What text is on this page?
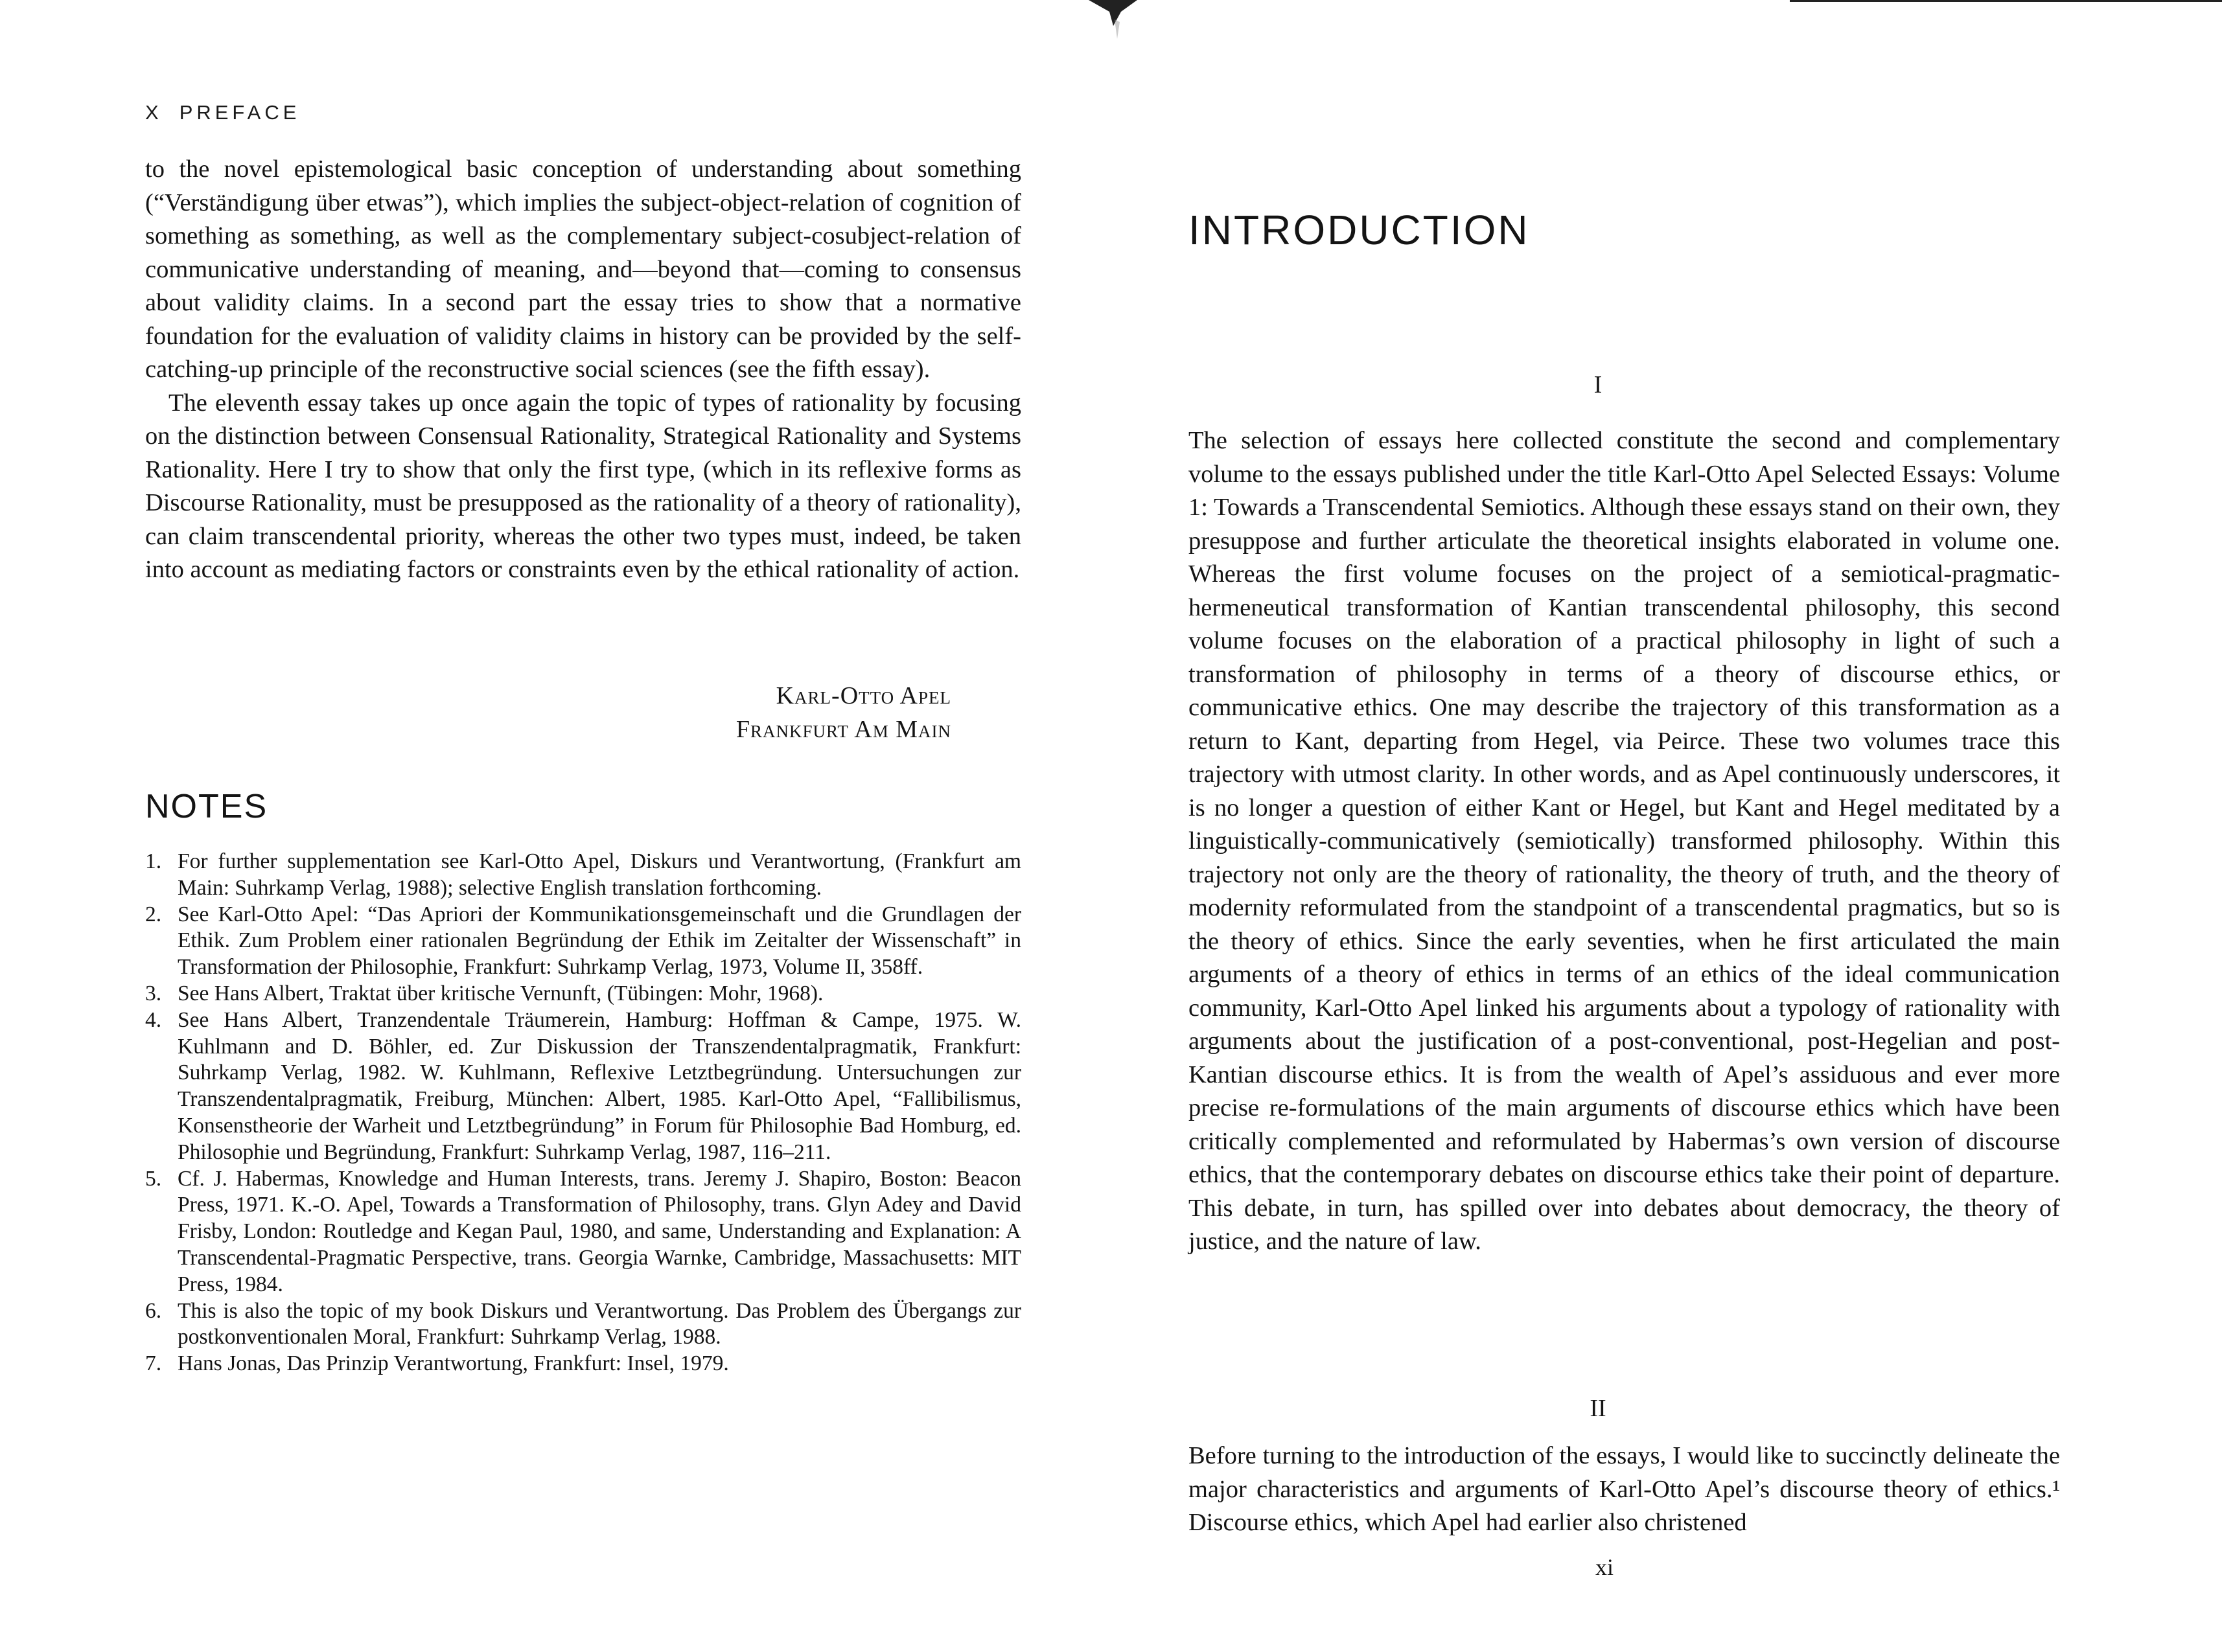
X PREFACE

to the novel epistemological basic conception of understanding about something (“Verständigung über etwas”), which implies the subject-object-relation of cognition of something as something, as well as the complementary subject-cosubject-relation of communicative understanding of meaning, and—beyond that—coming to consensus about validity claims. In a second part the essay tries to show that a normative foundation for the evaluation of validity claims in history can be provided by the self-catching-up principle of the reconstructive social sciences (see the fifth essay).

The eleventh essay takes up once again the topic of types of rationality by focusing on the distinction between Consensual Rationality, Strategical Rationality and Systems Rationality. Here I try to show that only the first type, (which in its reflexive forms as Discourse Rationality, must be presupposed as the rationality of a theory of rationality), can claim transcendental priority, whereas the other two types must, indeed, be taken into account as mediating factors or constraints even by the ethical rationality of action.

Karl-Otto Apel
Frankfurt Am Main
NOTES
1. For further supplementation see Karl-Otto Apel, Diskurs und Verantwortung, (Frankfurt am Main: Suhrkamp Verlag, 1988); selective English translation forthcoming.
2. See Karl-Otto Apel: “Das Apriori der Kommunikationsgemeinschaft und die Grundlagen der Ethik. Zum Problem einer rationalen Begründung der Ethik im Zeitalter der Wissenschaft” in Transformation der Philosophie, Frankfurt: Suhrkamp Verlag, 1973, Volume II, 358ff.
3. See Hans Albert, Traktat über kritische Vernunft, (Tübingen: Mohr, 1968).
4. See Hans Albert, Tranzendentale Träumerein, Hamburg: Hoffman & Campe, 1975. W. Kuhlmann and D. Böhler, ed. Zur Diskussion der Transzendentalpragmatik, Frankfurt: Suhrkamp Verlag, 1982. W. Kuhlmann, Reflexive Letztbegründung. Untersuchungen zur Transzendentalpragmatik, Freiburg, München: Albert, 1985. Karl-Otto Apel, “Fallibilismus, Konsenstheorie der Warheit und Letztbegründung” in Forum für Philosophie Bad Homburg, ed. Philosophie und Begründung, Frankfurt: Suhrkamp Verlag, 1987, 116–211.
5. Cf. J. Habermas, Knowledge and Human Interests, trans. Jeremy J. Shapiro, Boston: Beacon Press, 1971. K.-O. Apel, Towards a Transformation of Philosophy, trans. Glyn Adey and David Frisby, London: Routledge and Kegan Paul, 1980, and same, Understanding and Explanation: A Transcendental-Pragmatic Perspective, trans. Georgia Warnke, Cambridge, Massachusetts: MIT Press, 1984.
6. This is also the topic of my book Diskurs und Verantwortung. Das Problem des Übergangs zur postkonventionalen Moral, Frankfurt: Suhrkamp Verlag, 1988.
7. Hans Jonas, Das Prinzip Verantwortung, Frankfurt: Insel, 1979.
INTRODUCTION
I

The selection of essays here collected constitute the second and complementary volume to the essays published under the title Karl-Otto Apel Selected Essays: Volume 1: Towards a Transcendental Semiotics. Although these essays stand on their own, they presuppose and further articulate the theoretical insights elaborated in volume one. Whereas the first volume focuses on the project of a semiotical-pragmatic-hermeneutical transformation of Kantian transcendental philosophy, this second volume focuses on the elaboration of a practical philosophy in light of such a transformation of philosophy in terms of a theory of discourse ethics, or communicative ethics. One may describe the trajectory of this transformation as a return to Kant, departing from Hegel, via Peirce. These two volumes trace this trajectory with utmost clarity. In other words, and as Apel continuously underscores, it is no longer a question of either Kant or Hegel, but Kant and Hegel meditated by a linguistically-communicatively (semiotically) transformed philosophy. Within this trajectory not only are the theory of rationality, the theory of truth, and the theory of modernity reformulated from the standpoint of a transcendental pragmatics, but so is the theory of ethics. Since the early seventies, when he first articulated the main arguments of a theory of ethics in terms of an ethics of the ideal communication community, Karl-Otto Apel linked his arguments about a typology of rationality with arguments about the justification of a post-conventional, post-Hegelian and post-Kantian discourse ethics. It is from the wealth of Apel’s assiduous and ever more precise re-formulations of the main arguments of discourse ethics which have been critically complemented and reformulated by Habermas’s own version of discourse ethics, that the contemporary debates on discourse ethics take their point of departure. This debate, in turn, has spilled over into debates about democracy, the theory of justice, and the nature of law.

II

Before turning to the introduction of the essays, I would like to succinctly delineate the major characteristics and arguments of Karl-Otto Apel’s discourse theory of ethics.¹ Discourse ethics, which Apel had earlier also christened

xi
